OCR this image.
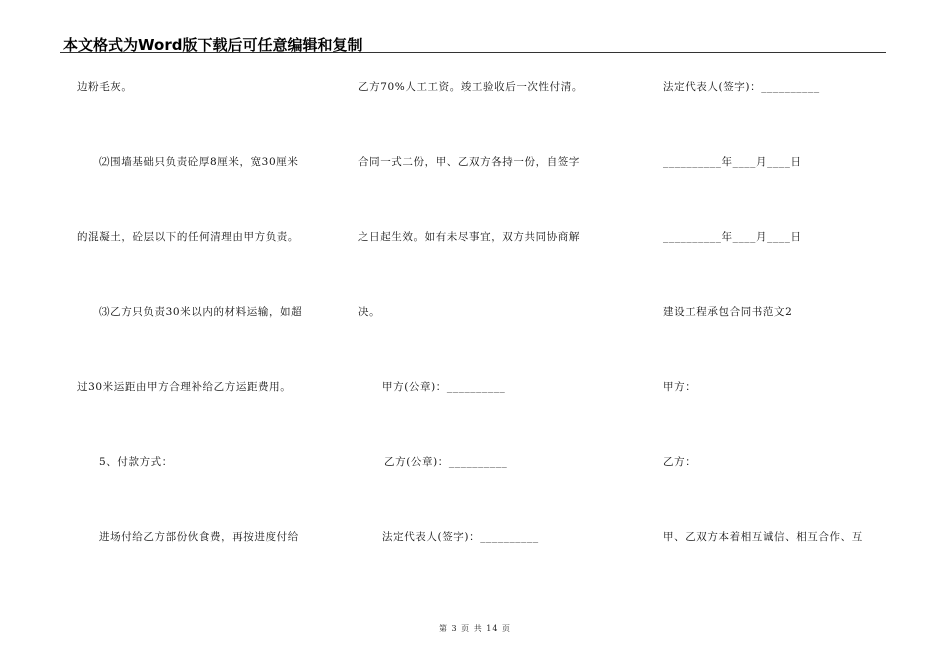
本文格式为Word版下载后可任意编辑和复制
边粉毛灰。
⑵围墙基础只负责砼厚8厘米，宽30厘米
的混凝土，砼层以下的任何清理由甲方负责。
⑶乙方只负责30米以内的材料运输，如超
过30米运距由甲方合理补给乙方运距费用。
5、付款方式：
进场付给乙方部份伙食费，再按进度付给
乙方70%人工工资。竣工验收后一次性付清。
合同一式二份，甲、乙双方各持一份，自签字
之日起生效。如有未尽事宜，双方共同协商解
决。
甲方(公章)：__________
乙方(公章)：__________
法定代表人(签字)：__________
法定代表人(签字)：__________
__________年____月____日
__________年____月____日
建设工程承包合同书范文2
甲方：
乙方：
甲、乙双方本着相互诚信、相互合作、互
第 3 页 共 14 页
